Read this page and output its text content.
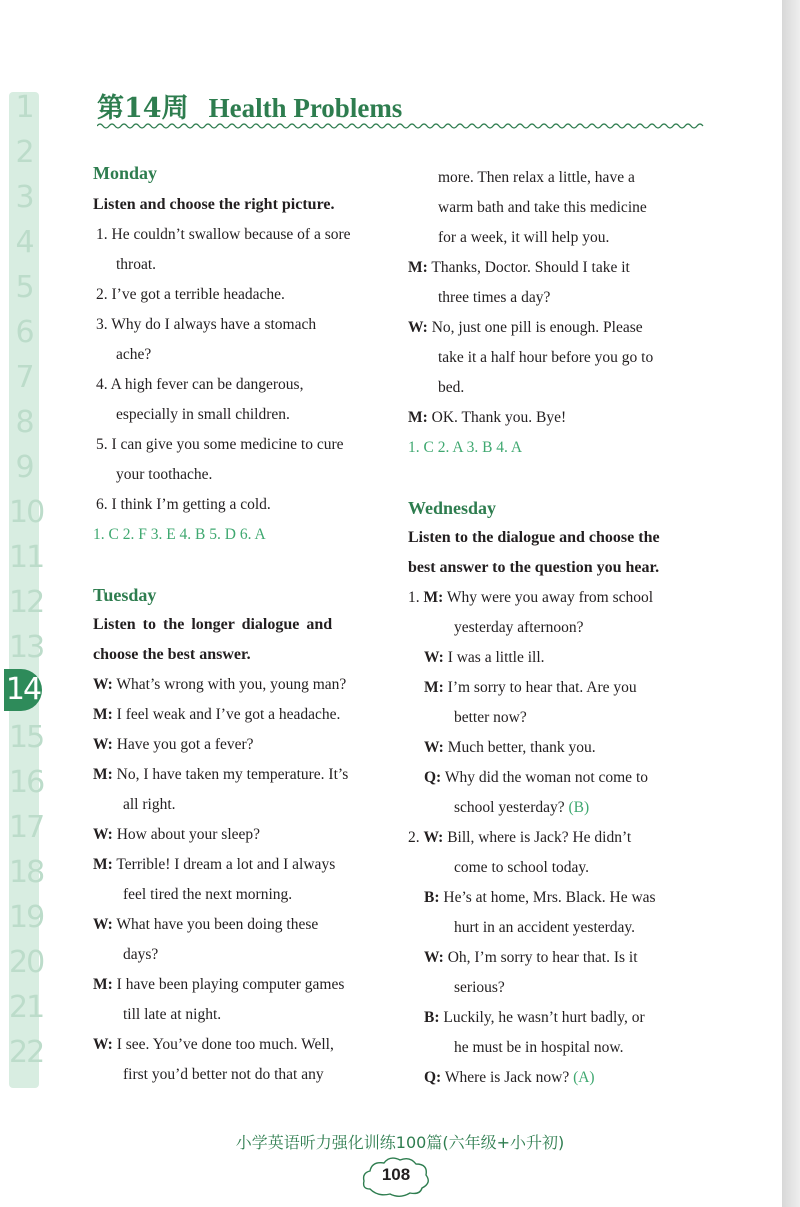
1
2
3
4
5
6
7
8
9
10
11
12
13
14
15
16
17
18
19
20
21
22
第14周 Health Problems

Monday

Listen and choose the right picture.

1. He couldn’t swallow because of a sore
throat.
2. I’ve got a terrible headache.
3. Why do I always have a stomach
ache?
4. A high fever can be dangerous,
especially in small children.
5. I can give you some medicine to cure
your toothache.
6. I think I’m getting a cold.
1. C 2. F 3. E 4. B 5. D 6. A

Tuesday

Listen to the longer dialogue and

choose the best answer.

W: What’s wrong with you, young man?
M: I feel weak and I’ve got a headache.
W: Have you got a fever?
M: No, I have taken my temperature. It’s
all right.
W: How about your sleep?
M: Terrible! I dream a lot and I always
feel tired the next morning.
W: What have you been doing these
days?
M: I have been playing computer games
till late at night.
W: I see. You’ve done too much. Well,
first you’d better not do that any
more. Then relax a little, have a
warm bath and take this medicine
for a week, it will help you.
M: Thanks, Doctor. Should I take it
three times a day?
W: No, just one pill is enough. Please
take it a half hour before you go to
bed.
M: OK. Thank you. Bye!
1. C 2. A 3. B 4. A

Wednesday

Listen to the dialogue and choose the

best answer to the question you hear.

1. M: Why were you away from school
yesterday afternoon?
W: I was a little ill.
M: I’m sorry to hear that. Are you
better now?
W: Much better, thank you.
Q: Why did the woman not come to
school yesterday? (B)
2. W: Bill, where is Jack? He didn’t
come to school today.
B: He’s at home, Mrs. Black. He was
hurt in an accident yesterday.
W: Oh, I’m sorry to hear that. Is it
serious?
B: Luckily, he wasn’t hurt badly, or
he must be in hospital now.
Q: Where is Jack now? (A)
小学英语听力强化训练100篇(六年级+小升初)
108
